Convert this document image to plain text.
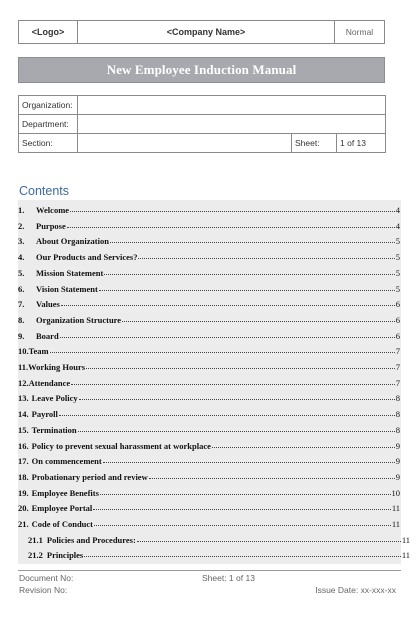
<Logo>	<Company Name>	Normal
New Employee Induction Manual
Organization:			
Department:			
Section:		Sheet:	1 of 13
Contents
1.	Welcome	4
2.	Purpose	4
3.	About Organization	5
4.	Our Products and Services?	5
5.	Mission Statement	5
6.	Vision Statement	5
7.	Values	6
8.	Organization Structure	6
9.	Board	6
10. Team	7
11. Working Hours	7
12. Attendance	7
13. Leave Policy	8
14. Payroll	8
15. Termination	8
16. Policy to prevent sexual harassment at workplace	9
17. On commencement	9
18. Probationary period and review	9
19. Employee Benefits	10
20. Employee Portal	11
21. Code of Conduct	11
21.1 Policies and Procedures:	11
21.2 Principles	11
Document No:
Revision No:
Sheet: 1 of 13
Issue Date: xx-xxx-xx
